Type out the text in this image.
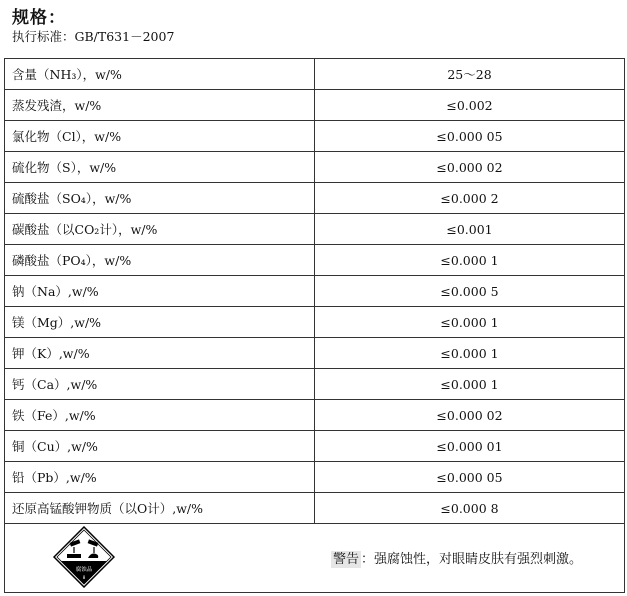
规格：
执行标准：GB/T631－2007
含量（NH₃），w/%	25～28
蒸发残渣，w/%	≤0.002
氯化物（Cl），w/%	≤0.000 05
硫化物（S），w/%	≤0.000 02
硫酸盐（SO₄），w/%	≤0.000 2
碳酸盐（以CO₂计），w/%	≤0.001
磷酸盐（PO₄），w/%	≤0.000 1
钠（Na）,w/%	≤0.000 5
镁（Mg）,w/%	≤0.000 1
钾（K）,w/%	≤0.000 1
钙（Ca）,w/%	≤0.000 1
铁（Fe）,w/%	≤0.000 02
铜（Cu）,w/%	≤0.000 01
铅（Pb）,w/%	≤0.000 05
还原高锰酸钾物质（以O计）,w/%	≤0.000 8

腐蚀品
8
警告 ：强腐蚀性，对眼睛皮肤有强烈刺激。	
